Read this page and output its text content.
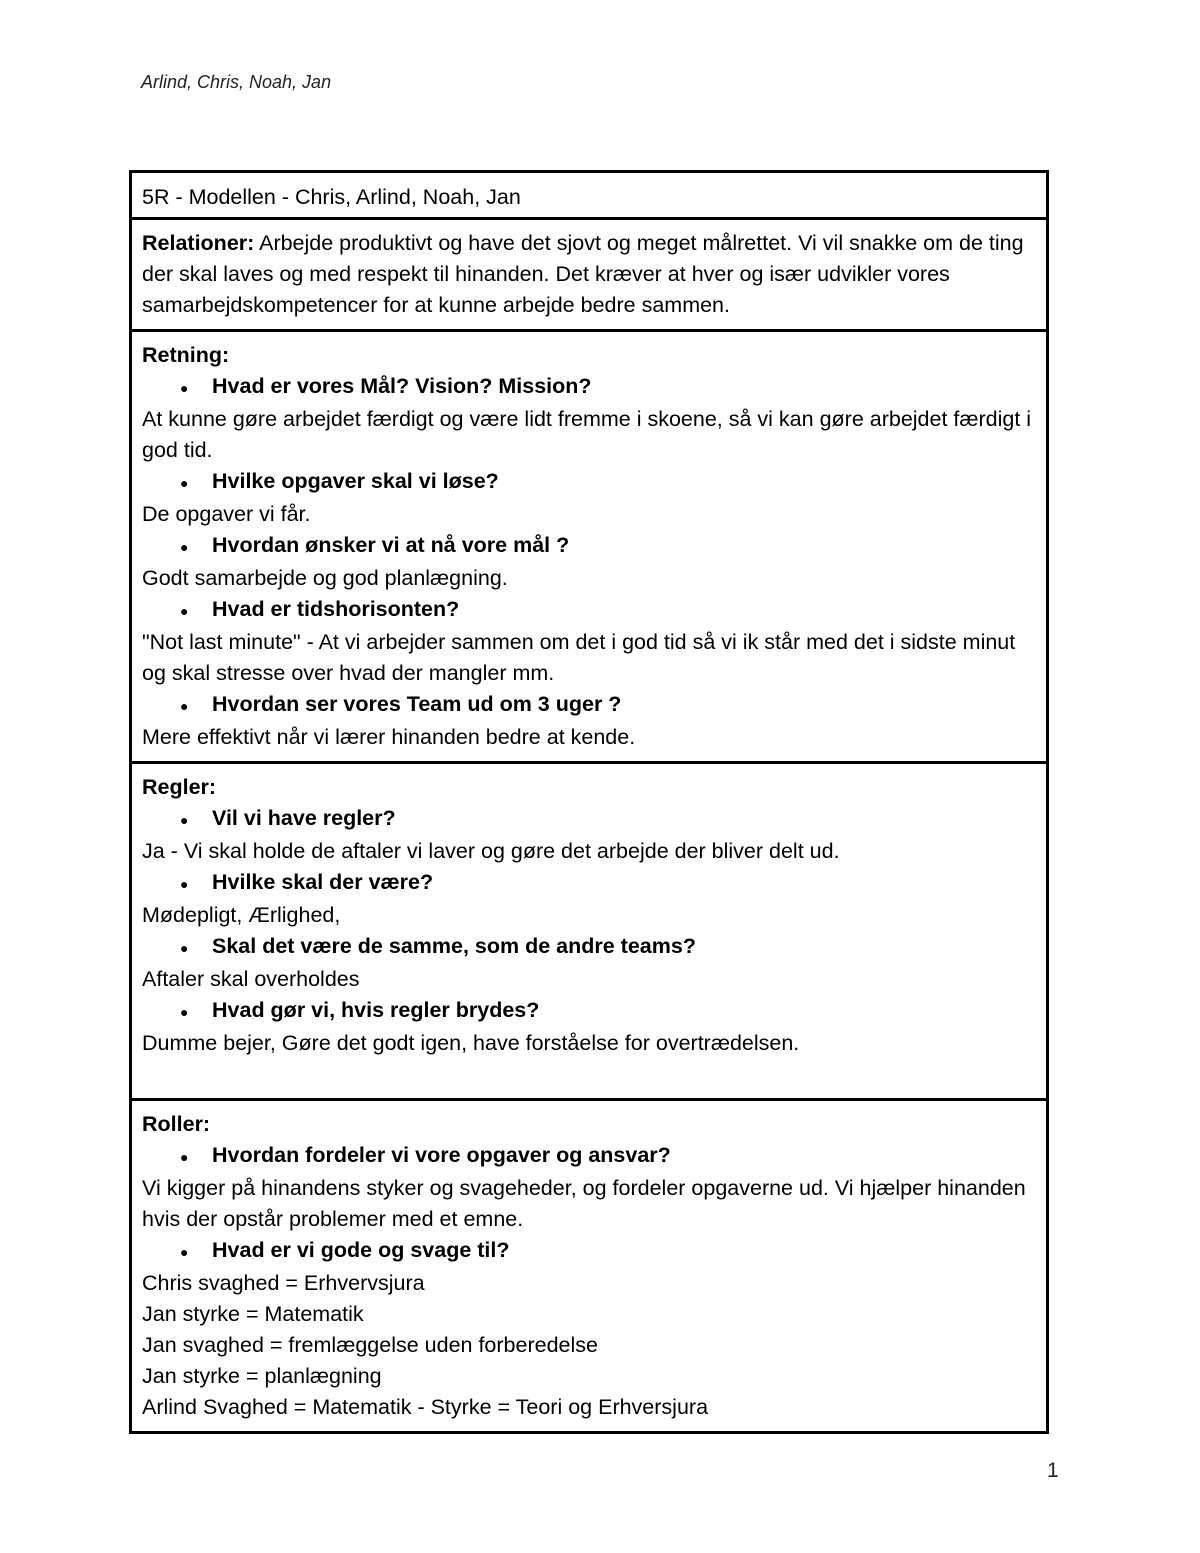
Arlind, Chris, Noah, Jan
5R - Modellen - Chris, Arlind, Noah, Jan
Relationer: Arbejde produktivt og have det sjovt og meget målrettet. Vi vil snakke om de ting der skal laves og med respekt til hinanden. Det kræver at hver og især udvikler vores samarbejdskompetencer for at kunne arbejde bedre sammen.

Retning:
●	Hvad er vores Mål? Vision? Mission?
At kunne gøre arbejdet færdigt og være lidt fremme i skoene, så vi kan gøre arbejdet færdigt i god tid.
●	Hvilke opgaver skal vi løse?
De opgaver vi får.
●	Hvordan ønsker vi at nå vore mål ?
Godt samarbejde og god planlægning.
●	Hvad er tidshorisonten?
"Not last minute" - At vi arbejder sammen om det i god tid så vi ik står med det i sidste minut og skal stresse over hvad der mangler mm.
●	Hvordan ser vores Team ud om 3 uger ?
Mere effektivt når vi lærer hinanden bedre at kende.

Regler:
●	Vil vi have regler?
Ja - Vi skal holde de aftaler vi laver og gøre det arbejde der bliver delt ud.
●	Hvilke skal der være?
Mødepligt, Ærlighed,
●	Skal det være de samme, som de andre teams?
Aftaler skal overholdes
●	Hvad gør vi, hvis regler brydes?
Dumme bejer, Gøre det godt igen, have forståelse for overtrædelsen.

Roller:
●	Hvordan fordeler vi vore opgaver og ansvar?
Vi kigger på hinandens styker og svageheder, og fordeler opgaverne ud. Vi hjælper hinanden hvis der opstår problemer med et emne.
●	Hvad er vi gode og svage til?
Chris svaghed = Erhvervsjura
Jan styrke = Matematik
Jan svaghed = fremlæggelse uden forberedelse
Jan styrke = planlægning
Arlind Svaghed = Matematik - Styrke = Teori og Erhversjura
1
